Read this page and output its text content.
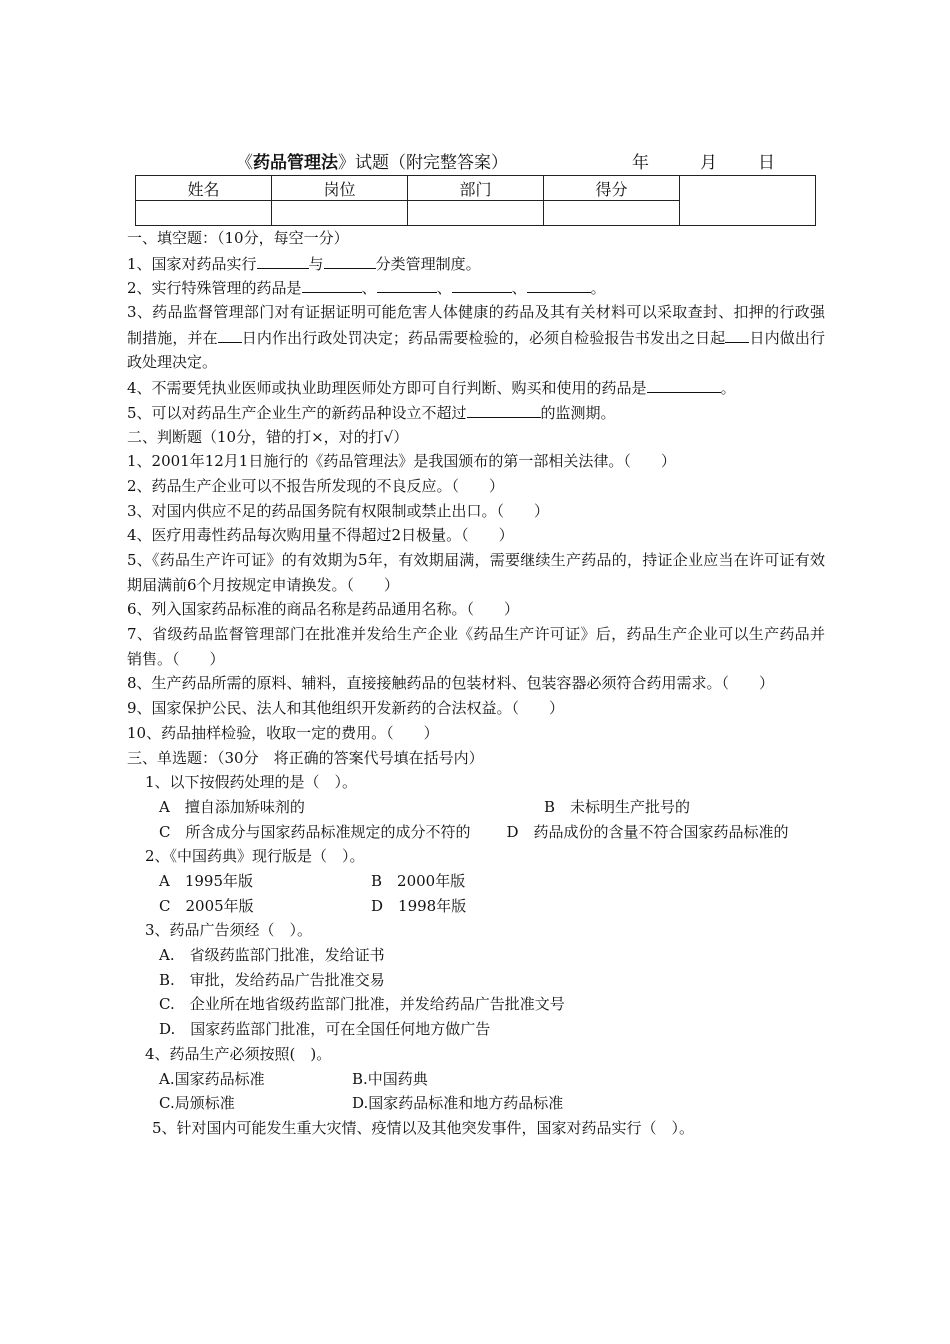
《药品管理法》试题（附完整答案）	年	月 日
姓名	岗位	部门	得分	

一、填空题：（10分，每空一分）
1、国家对药品实行	与	分类管理制度。
2、实行特殊管理的药品是	、	、	、	。
3、药品监督管理部门对有证据证明可能危害人体健康的药品及其有关材料可以采取查封、扣押的行政强制措施，并在 日内作出行政处罚决定；药品需要检验的，必须自检验报告书发出之日起 日内做出行政处理决定。
4、不需要凭执业医师或执业助理医师处方即可自行判断、购买和使用的药品是	。
5、可以对药品生产企业生产的新药品种设立不超过	的监测期。
二、判断题（10分，错的打×，对的打√）
1、2001年12月1日施行的《药品管理法》是我国颁布的第一部相关法律。（　　）
2、药品生产企业可以不报告所发现的不良反应。（　　）
3、对国内供应不足的药品国务院有权限制或禁止出口。（　　）
4、医疗用毒性药品每次购用量不得超过2日极量。（　　）
5、《药品生产许可证》的有效期为5年，有效期届满，需要继续生产药品的，持证企业应当在许可证有效期届满前6个月按规定申请换发。（　　）
6、列入国家药品标准的商品名称是药品通用名称。（　　）
7、省级药品监督管理部门在批准并发给生产企业《药品生产许可证》后，药品生产企业可以生产药品并销售。（　　）
8、生产药品所需的原料、辅料，直接接触药品的包装材料、包装容器必须符合药用需求。（　　）
9、国家保护公民、法人和其他组织开发新药的合法权益。（　　）
10、药品抽样检验，收取一定的费用。（　　）
三、单选题：（30分　将正确的答案代号填在括号内）
1、以下按假药处理的是（　）。
A　擅自添加矫味剂的	B　未标明生产批号的
C　所含成分与国家药品标准规定的成分不符的 D　药品成份的含量不符合国家药品标准的
2、《中国药典》现行版是（　）。
A　1995年版	B　2000年版
C　2005年版	D　1998年版
3、药品广告须经（　）。
A.　省级药监部门批准，发给证书
B.　审批，发给药品广告批准交易
C.　企业所在地省级药监部门批准，并发给药品广告批准文号
D.　国家药监部门批准，可在全国任何地方做广告
4、药品生产必须按照(　)。
A.国家药品标准	B.中国药典
C.局颁标准	D.国家药品标准和地方药品标准
5、针对国内可能发生重大灾情、疫情以及其他突发事件，国家对药品实行（　）。
